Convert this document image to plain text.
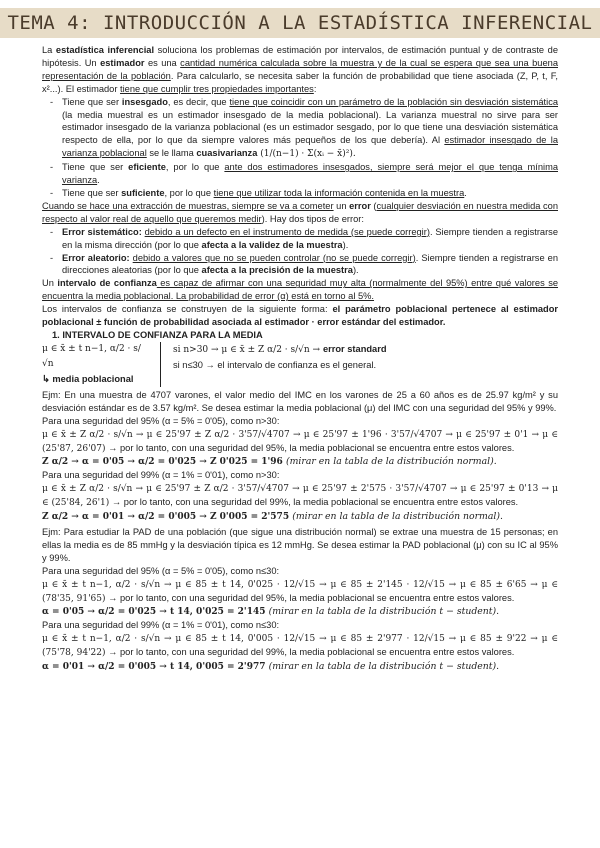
TEMA 4: INTRODUCCIÓN A LA ESTADÍSTICA INFERENCIAL

La estadística inferencial soluciona los problemas de estimación por intervalos, de estimación puntual y de contraste de hipótesis. Un estimador es una cantidad numérica calculada sobre la muestra y de la cual se espera que sea una buena representación de la población. Para calcularlo, se necesita saber la función de probabilidad que tiene asociada (Z, P, t, F, x²...). El estimador tiene que cumplir tres propiedades importantes:

- Tiene que ser insesgado, es decir, que tiene que coincidir con un parámetro de la población sin desviación sistemática (la media muestral es un estimador insesgado de la media poblacional). La varianza muestral no sirve para ser estimador insesgado de la varianza poblacional (es un estimador sesgado, por lo que tiene una desviación sistemática respecto de ella, por lo que da siempre valores más pequeños de los que debería). Al estimador insesgado de la varianza poblacional se le llama cuasivarianza (1/(n−1) · Σ(xᵢ − x̄)²).
- Tiene que ser eficiente, por lo que ante dos estimadores insesgados, siempre será mejor el que tenga mínima varianza.
- Tiene que ser suficiente, por lo que tiene que utilizar toda la información contenida en la muestra.

Cuando se hace una extracción de muestras, siempre se va a cometer un error (cualquier desviación en nuestra medida con respecto al valor real de aquello que queremos medir). Hay dos tipos de error:

- Error sistemático: debido a un defecto en el instrumento de medida (se puede corregir). Siempre tienden a registrarse en la misma dirección (por lo que afecta a la validez de la muestra).
- Error aleatorio: debido a valores que no se pueden controlar (no se puede corregir). Siempre tienden a registrarse en direcciones aleatorias (por lo que afecta a la precisión de la muestra).

Un intervalo de confianza es capaz de afirmar con una seguridad muy alta (normalmente del 95%) entre qué valores se encuentra la media poblacional. La probabilidad de error (α) está en torno al 5%.

Los intervalos de confianza se construyen de la siguiente forma: el parámetro poblacional pertenece al estimador poblacional ± función de probabilidad asociada al estimador · error estándar del estimador.

1. INTERVALO DE CONFIANZA PARA LA MEDIA
μ ∈ x̄ ± t n−1, α/2 · s/√n
↳ media poblacional
si n>30 → μ ∈ x̄ ± Z α/2 · s/√n → error standard
si n≤30 → el intervalo de confianza es el general.

Ejm: En una muestra de 4707 varones, el valor medio del IMC en los varones de 25 a 60 años es de 25.97 kg/m² y su desviación estándar es de 3.57 kg/m². Se desea estimar la media poblacional (μ) del IMC con una seguridad del 95% y 99%.

Para una seguridad del 95% (α = 5% = 0'05), como n>30:

μ ∈ x̄ ± Z α/2 · s/√n → μ ∈ 25'97 ± Z α/2 · 3'57/√4707 → μ ∈ 25'97 ± 1'96 · 3'57/√4707 → μ ∈ 25'97 ± 0'1 → μ ∈ (25'87, 26'07) → por lo tanto, con una seguridad del 95%, la media poblacional se encuentra entre estos valores.

Z α/2 → α = 0'05 → α/2 = 0'025 → Z 0'025 = 1'96 (mirar en la tabla de la distribución normal).

Para una seguridad del 99% (α = 1% = 0'01), como n>30:

μ ∈ x̄ ± Z α/2 · s/√n → μ ∈ 25'97 ± Z α/2 · 3'57/√4707 → μ ∈ 25'97 ± 2'575 · 3'57/√4707 → μ ∈ 25'97 ± 0'13 → μ ∈ (25'84, 26'1) → por lo tanto, con una seguridad del 99%, la media poblacional se encuentra entre estos valores.

Z α/2 → α = 0'01 → α/2 = 0'005 → Z 0'005 = 2'575 (mirar en la tabla de la distribución normal).

Ejm: Para estudiar la PAD de una población (que sigue una distribución normal) se extrae una muestra de 15 personas; en ellas la media es de 85 mmHg y la desviación típica es 12 mmHg. Se desea estimar la PAD poblacional (μ) con su IC al 95% y 99%.

Para una seguridad del 95% (α = 5% = 0'05), como n≤30:

μ ∈ x̄ ± t n−1, α/2 · s/√n → μ ∈ 85 ± t 14, 0'025 · 12/√15 → μ ∈ 85 ± 2'145 · 12/√15 → μ ∈ 85 ± 6'65 → μ ∈ (78'35, 91'65) → por lo tanto, con una seguridad del 95%, la media poblacional se encuentra entre estos valores.

α = 0'05 → α/2 = 0'025 → t 14, 0'025 = 2'145 (mirar en la tabla de la distribución t − student).

Para una seguridad del 99% (α = 1% = 0'01), como n≤30:

μ ∈ x̄ ± t n−1, α/2 · s/√n → μ ∈ 85 ± t 14, 0'005 · 12/√15 → μ ∈ 85 ± 2'977 · 12/√15 → μ ∈ 85 ± 9'22 → μ ∈ (75'78, 94'22) → por lo tanto, con una seguridad del 99%, la media poblacional se encuentra entre estos valores.

α = 0'01 → α/2 = 0'005 → t 14, 0'005 = 2'977 (mirar en la tabla de la distribución t − student).
